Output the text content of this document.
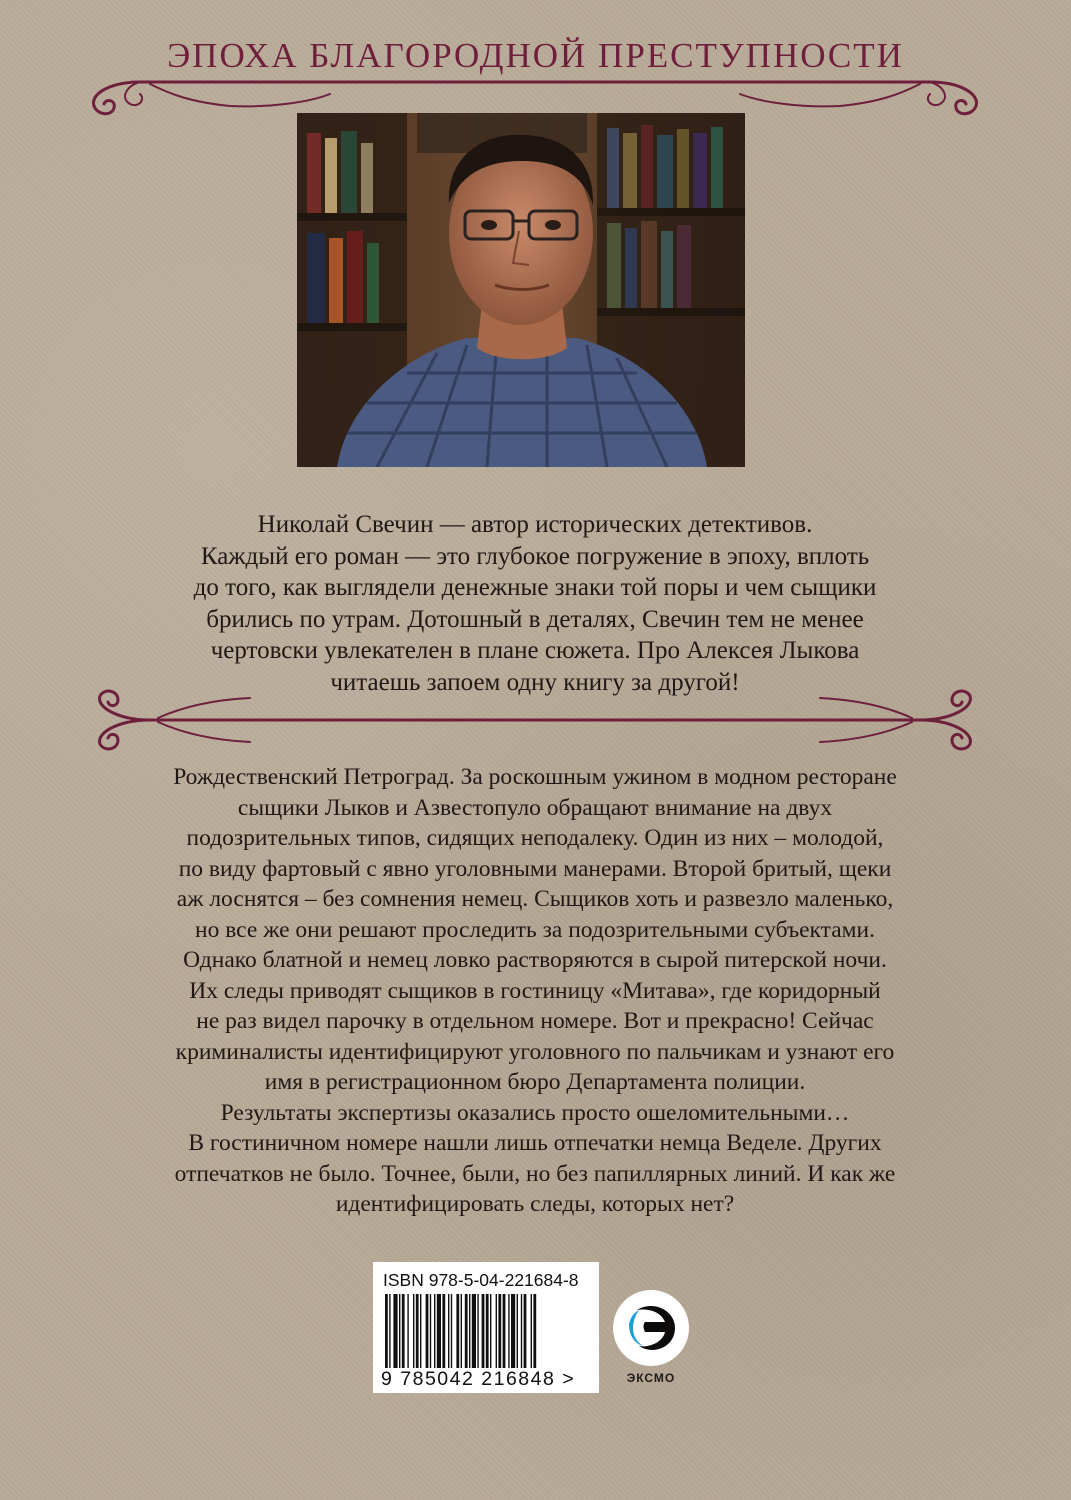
ЭПОХА БЛАГОРОДНОЙ ПРЕСТУПНОСТИ

Николай Свечин — автор исторических детективов.

Каждый его роман — это глубокое погружение в эпоху, вплоть

до того, как выглядели денежные знаки той поры и чем сыщики

брились по утрам. Дотошный в деталях, Свечин тем не менее

чертовски увлекателен в плане сюжета. Про Алексея Лыкова

читаешь запоем одну книгу за другой!

Рождественский Петроград. За роскошным ужином в модном ресторане

сыщики Лыков и Азвестопуло обращают внимание на двух

подозрительных типов, сидящих неподалеку. Один из них – молодой,

по виду фартовый с явно уголовными манерами. Второй бритый, щеки

аж лоснятся – без сомнения немец. Сыщиков хоть и развезло маленько,

но все же они решают проследить за подозрительными субъектами.

Однако блатной и немец ловко растворяются в сырой питерской ночи.

Их следы приводят сыщиков в гостиницу «Митава», где коридорный

не раз видел парочку в отдельном номере. Вот и прекрасно! Сейчас

криминалисты идентифицируют уголовного по пальчикам и узнают его

имя в регистрационном бюро Департамента полиции.

Результаты экспертизы оказались просто ошеломительными…

В гостиничном номере нашли лишь отпечатки немца Веделе. Других

отпечатков не было. Точнее, были, но без папиллярных линий. И как же

идентифицировать следы, которых нет?

ISBN 978-5-04-221684-8
9 785042 216848 >	ЭКСМО
